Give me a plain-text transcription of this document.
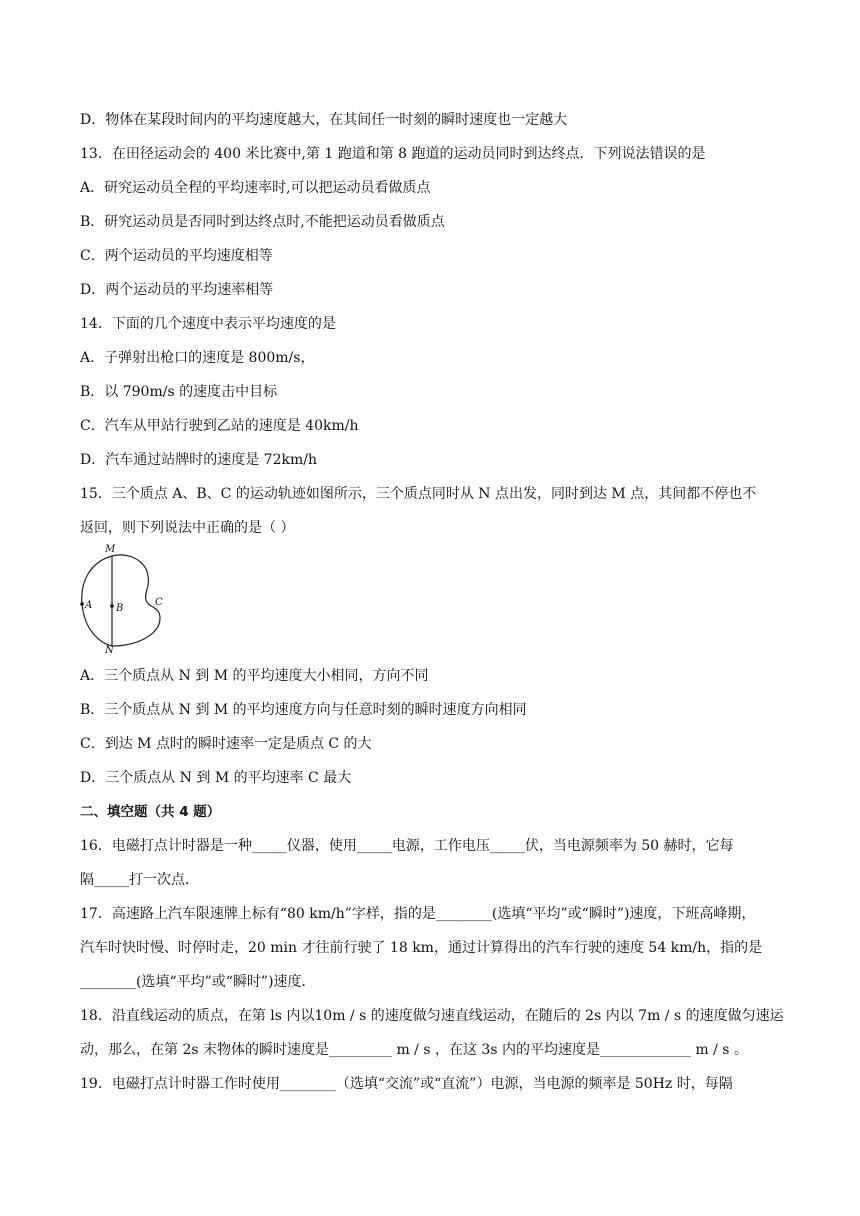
D．物体在某段时间内的平均速度越大，在其间任一时刻的瞬时速度也一定越大
13．在田径运动会的 400 米比赛中,第 1 跑道和第 8 跑道的运动员同时到达终点．下列说法错误的是
A．研究运动员全程的平均速率时,可以把运动员看做质点
B．研究运动员是否同时到达终点时,不能把运动员看做质点
C．两个运动员的平均速度相等
D．两个运动员的平均速率相等
14．下面的几个速度中表示平均速度的是
A．子弹射出枪口的速度是 800m/s，
B．以 790m/s 的速度击中目标
C．汽车从甲站行驶到乙站的速度是 40km/h
D．汽车通过站牌时的速度是 72km/h
15．三个质点 A、B、C 的运动轨迹如图所示，三个质点同时从 N 点出发，同时到达 M 点，其间都不停也不
返回，则下列说法中正确的是（ ）
M
N
A B
C
A．三个质点从 N 到 M 的平均速度大小相同，方向不同
B．三个质点从 N 到 M 的平均速度方向与任意时刻的瞬时速度方向相同
C．到达 M 点时的瞬时速率一定是质点 C 的大
D．三个质点从 N 到 M 的平均速率 C 最大
二、填空题（共 4 题）
16．电磁打点计时器是一种_____仪器，使用_____电源，工作电压_____伏，当电源频率为 50 赫时，它每
隔_____打一次点．
17．高速路上汽车限速牌上标有“80 km/h”字样，指的是________(选填“平均”或“瞬时”)速度，下班高峰期，
汽车时快时慢、时停时走，20 min 才往前行驶了 18 km，通过计算得出的汽车行驶的速度 54 km/h，指的是
________(选填“平均”或“瞬时”)速度．
18．沿直线运动的质点，在第 ls 内以10m / s 的速度做匀速直线运动，在随后的 2s 内以 7m / s 的速度做匀速运
动，那么，在第 2s 末物体的瞬时速度是_________ m / s ，在这 3s 内的平均速度是_____________ m / s 。
19．电磁打点计时器工作时使用________（选填“交流”或“直流”）电源，当电源的频率是 50Hz 时，每隔
